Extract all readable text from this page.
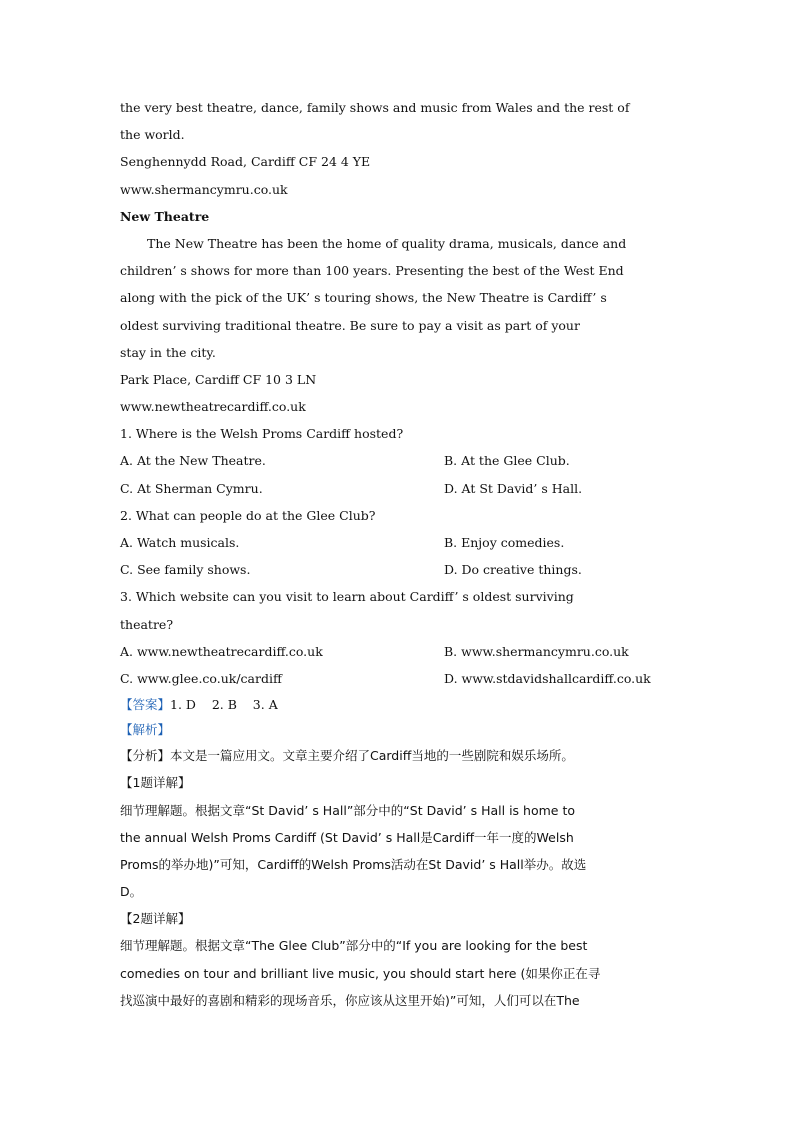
the very best theatre, dance, family shows and music from Wales and the rest of
the world.
Senghennydd Road, Cardiff CF 24 4 YE
www.shermancymru.co.uk
New Theatre
The New Theatre has been the home of quality drama, musicals, dance and
children’ s shows for more than 100 years. Presenting the best of the West End
along with the pick of the UK’ s touring shows, the New Theatre is Cardiff’ s
oldest surviving traditional theatre. Be sure to pay a visit as part of your
stay in the city.
Park Place, Cardiff CF 10 3 LN
www.newtheatrecardiff.co.uk
1. Where is the Welsh Proms Cardiff hosted?
A. At the New Theatre.	B. At the Glee Club.
C. At Sherman Cymru.	D. At St David’ s Hall.
2. What can people do at the Glee Club?
A. Watch musicals.	B. Enjoy comedies.
C. See family shows.	D. Do creative things.
3. Which website can you visit to learn about Cardiff’ s oldest surviving
theatre?
A. www.newtheatrecardiff.co.uk	B. www.shermancymru.co.uk
C. www.glee.co.uk/cardiff	D. www.stdavidshallcardiff.co.uk
【答案】1. D    2. B    3. A
【解析】
【分析】本文是一篇应用文。文章主要介绍了Cardiff当地的一些剧院和娱乐场所。
【1题详解】
细节理解题。根据文章“St David’ s Hall”部分中的“St David’ s Hall is home to
the annual Welsh Proms Cardiff (St David’ s Hall是Cardiff一年一度的Welsh
Proms的举办地)”可知，Cardiff的Welsh Proms活动在St David’ s Hall举办。故选
D。
【2题详解】
细节理解题。根据文章“The Glee Club”部分中的“If you are looking for the best
comedies on tour and brilliant live music, you should start here (如果你正在寻
找巡演中最好的喜剧和精彩的现场音乐，你应该从这里开始)”可知，人们可以在The
